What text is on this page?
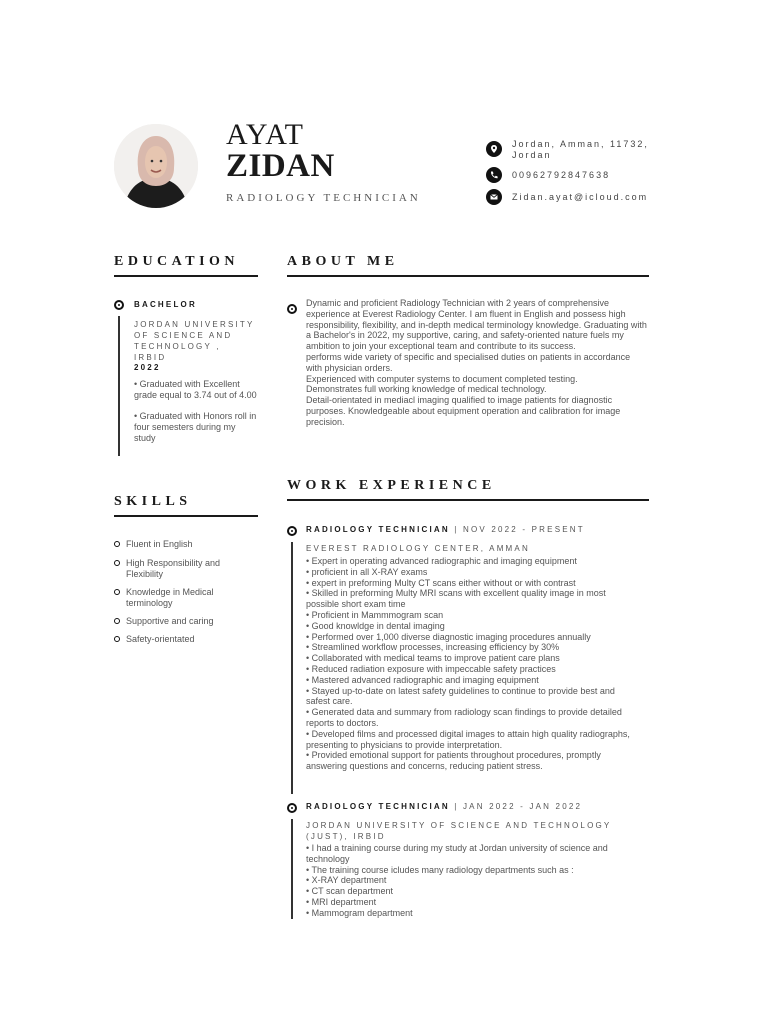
AYAT
ZIDAN
RADIOLOGY TECHNICIAN
Jordan, Amman, 11732,
Jordan
00962792847638
Zidan.ayat@icloud.com
EDUCATION
BACHELOR
JORDAN UNIVERSITY
OF SCIENCE AND
TECHNOLOGY ,
IRBID
2022
• Graduated with Excellent grade equal to 3.74 out of 4.00
• Graduated with Honors roll in four semesters during my study
ABOUT ME
Dynamic and proficient Radiology Technician with 2 years of comprehensive experience at Everest Radiology Center. I am fluent in English and possess high responsibility, flexibility, and in-depth medical terminology knowledge. Graduating with a Bachelor's in 2022, my supportive, caring, and safety-oriented nature fuels my ambition to join your exceptional team and contribute to its success.
performs wide variety of specific and specialised duties on patients in accordance with physician orders.
Experienced with computer systems to document completed testing.
Demonstrates full working knowledge of medical technology.
Detail-orientated in mediacl imaging qualified to image patients for diagnostic purposes. Knowledgeable about equipment operation and calibration for image precision.
SKILLS
Fluent in English
High Responsibility and Flexibility
Knowledge in Medical terminology
Supportive and caring
Safety-orientated
WORK EXPERIENCE
RADIOLOGY TECHNICIAN | NOV 2022 - PRESENT
EVEREST RADIOLOGY CENTER, AMMAN
• Expert in operating advanced radiographic and imaging equipment
• proficient in all X-RAY exams
• expert in preforming Multy CT scans either without or with contrast
• Skilled in preforming Multy MRI scans with excellent quality image in most possible short exam time
• Proficient in Mammmogram scan
• Good knowldge in dental imaging
• Performed over 1,000 diverse diagnostic imaging procedures annually
• Streamlined workflow processes, increasing efficiency by 30%
• Collaborated with medical teams to improve patient care plans
• Reduced radiation exposure with impeccable safety practices
• Mastered advanced radiographic and imaging equipment
• Stayed up-to-date on latest safety guidelines to continue to provide best and safest care.
• Generated data and summary from radiology scan findings to provide detailed reports to doctors.
• Developed films and processed digital images to attain high quality radiographs, presenting to physicians to provide interpretation.
• Provided emotional support for patients throughout procedures, promptly answering questions and concerns, reducing patient stress.
RADIOLOGY TECHNICIAN | JAN 2022 - JAN 2022
JORDAN UNIVERSITY OF SCIENCE AND TECHNOLOGY (JUST), IRBID
• I had a training course during my study at Jordan university of science and technology
• The training course icludes many radiology departments such as :
• X-RAY department
• CT scan department
• MRI department
• Mammogram department
